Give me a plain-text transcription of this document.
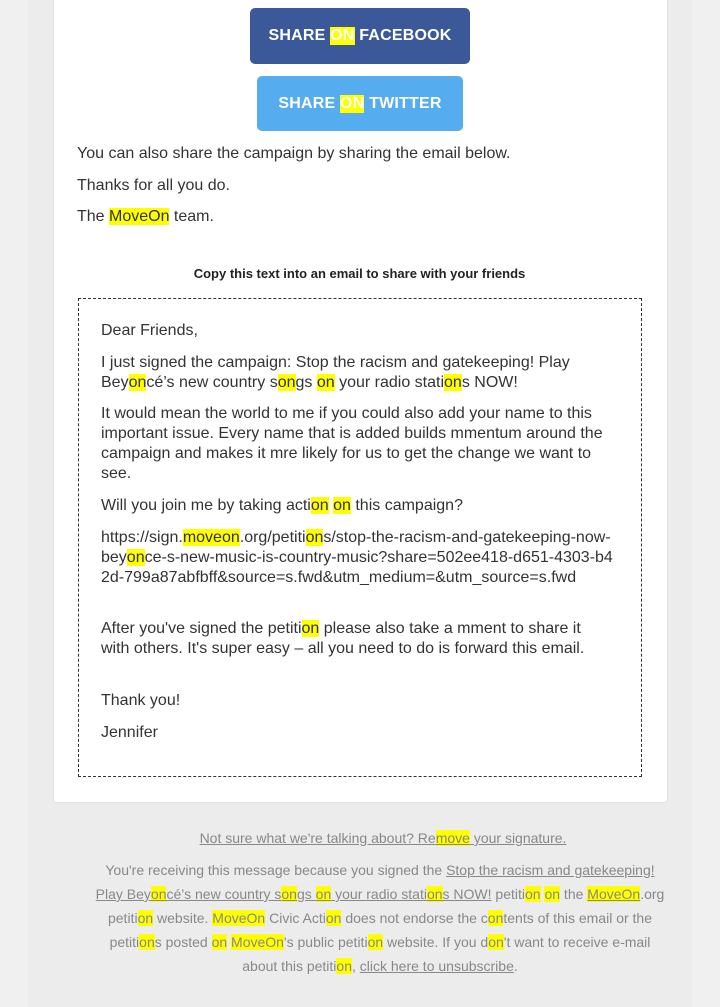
SHARE
ON
FACEBOOK
SHARE
ON
TWITTER
You can also share the campaign by sharing the email below.
Thanks for all you do.
The MoveOn team.
Copy this text into an email to share with your friends
Dear Friends,
I just signed the campaign: Stop the racism and gatekeeping! Play Beyoncé’s new country songs on your radio stations NOW!
It would mean the world to me if you could also add your name to this important issue. Every name that is added builds mmentum around the campaign and makes it mre likely for us to get the change we want to see.
Will you join me by taking action on this campaign?
https://sign.moveon.org/petitions/stop-the-racism-and-gatekeeping-now-beyonce-s-new-music-is-country-music?share=502ee418-d651-4303-b42d-799a87abfbff&source=s.fwd&utm_medium=&utm_source=s.fwd
After you've signed the petition please also take a mment to share it with others. It's super easy – all you need to do is forward this email.
Thank you!
Jennifer
Not sure what we're talking about? Remove your signature.
You're receiving this message because you signed the Stop the racism and gatekeeping!
Play Beyoncé’s new country songs on your radio stations NOW! petition on the MoveOn.org
petition website. MoveOn Civic Action does not endorse the contents of this email or the
petitions posted on MoveOn's public petition website. If you don't want to receive e-mail
about this petition, click here to unsubscribe.
